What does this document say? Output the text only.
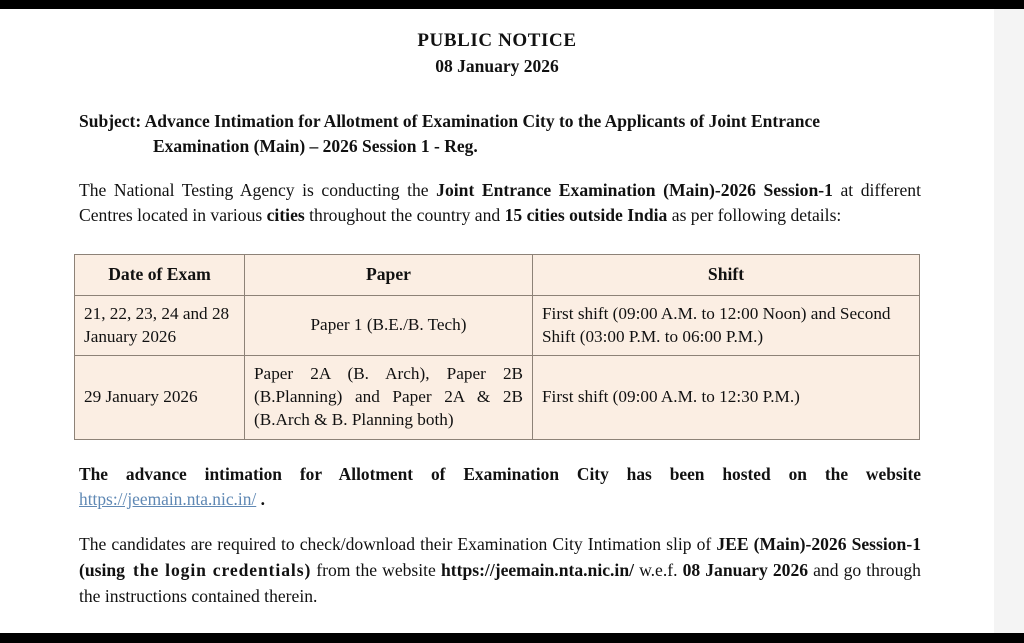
PUBLIC NOTICE
08 January 2026
Subject: Advance Intimation for Allotment of Examination City to the Applicants of Joint Entrance
Examination (Main) – 2026 Session 1 - Reg.

The National Testing Agency is conducting the Joint Entrance Examination (Main)-2026 Session-1 at different Centres located in various cities throughout the country and 15 cities outside India as per following details:

Date of Exam	Paper	Shift
21, 22, 23, 24 and 28 January 2026	Paper 1 (B.E./B. Tech)	First shift (09:00 A.M. to 12:00 Noon) and Second Shift (03:00 P.M. to 06:00 P.M.)
29 January 2026	Paper 2A (B. Arch), Paper 2B (B.Planning) and Paper 2A & 2B (B.Arch & B. Planning both)	First shift (09:00 A.M. to 12:30 P.M.)

The advance intimation for Allotment of Examination City has been hosted on the website
https://jeemain.nta.nic.in/ .

The candidates are required to check/download their Examination City Intimation slip of JEE (Main)-2026 Session-1 (using the login credentials) from the website https://jeemain.nta.nic.in/ w.e.f. 08 January 2026 and go through the instructions contained therein.
